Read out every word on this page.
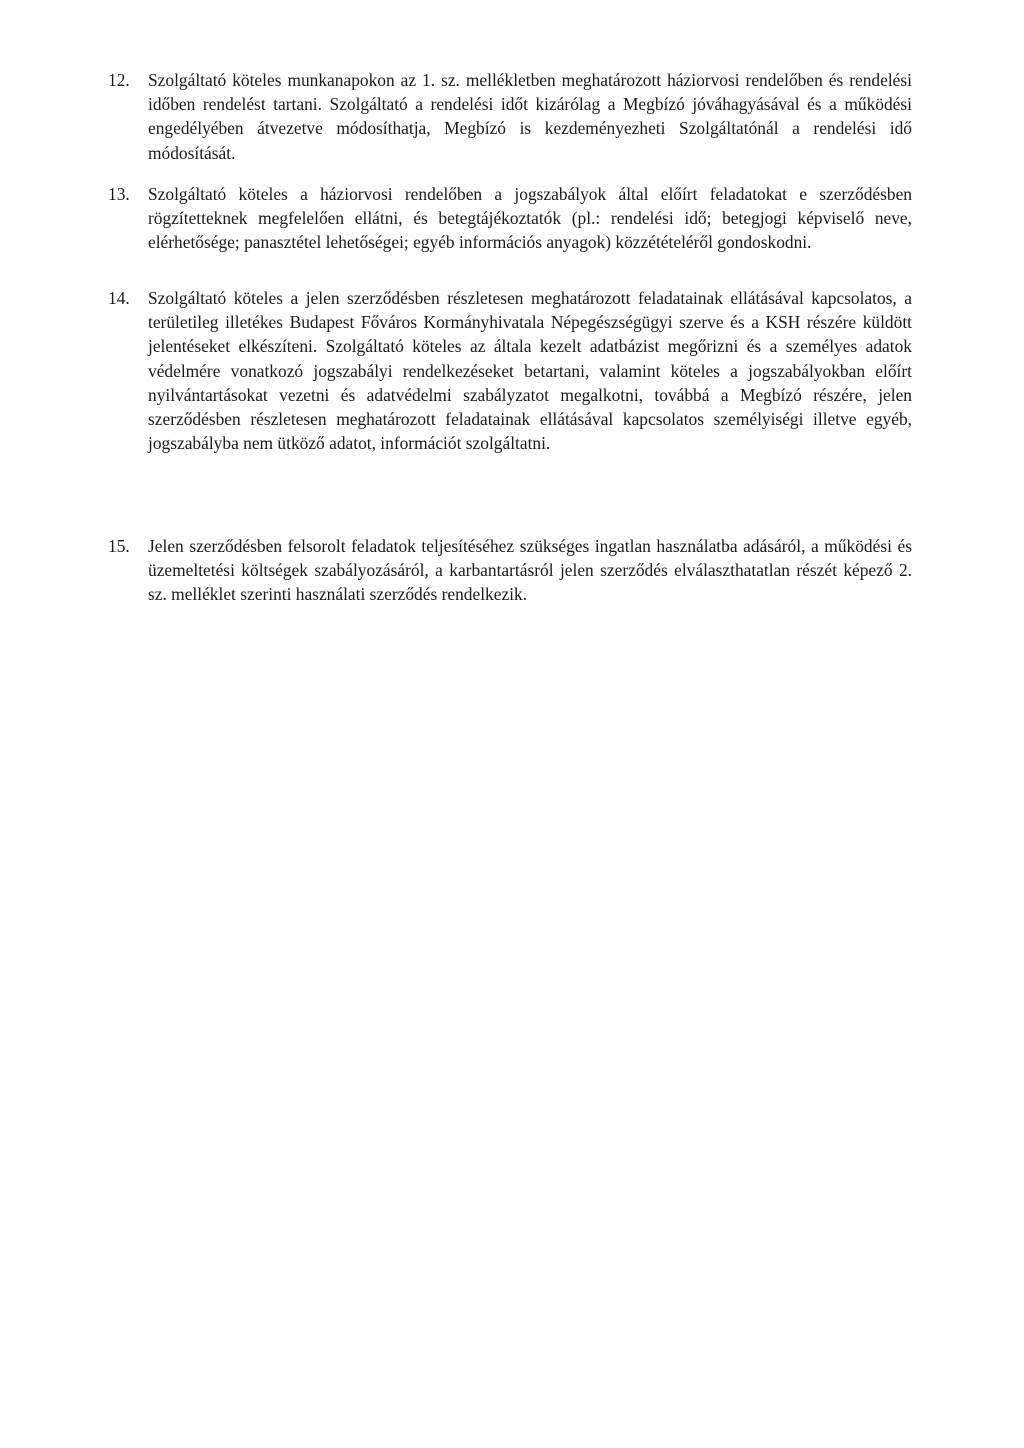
12.	Szolgáltató köteles munkanapokon az 1. sz. mellékletben meghatározott háziorvosi rendelőben és rendelési időben rendelést tartani. Szolgáltató a rendelési időt kizárólag a Megbízó jóváhagyásával és a működési engedélyében átvezetve módosíthatja, Megbízó is kezdeményezheti Szolgáltatónál a rendelési idő módosítását.
13.	Szolgáltató köteles a háziorvosi rendelőben a jogszabályok által előírt feladatokat e szerződésben rögzítetteknek megfelelően ellátni, és betegtájékoztatók (pl.: rendelési idő; betegjogi képviselő neve, elérhetősége; panasztétel lehetőségei; egyéb információs anyagok) közzétételéről gondoskodni.
14.	Szolgáltató köteles a jelen szerződésben részletesen meghatározott feladatainak ellátásával kapcsolatos, a területileg illetékes Budapest Főváros Kormányhivatala Népegészségügyi szerve és a KSH részére küldött jelentéseket elkészíteni. Szolgáltató köteles az általa kezelt adatbázist megőrizni és a személyes adatok védelmére vonatkozó jogszabályi rendelkezéseket betartani, valamint köteles a jogszabályokban előírt nyilvántartásokat vezetni és adatvédelmi szabályzatot megalkotni, továbbá a Megbízó részére, jelen szerződésben részletesen meghatározott feladatainak ellátásával kapcsolatos személyiségi illetve egyéb, jogszabályba nem ütköző adatot, információt szolgáltatni.
15.	Jelen szerződésben felsorolt feladatok teljesítéséhez szükséges ingatlan használatba adásáról, a működési és üzemeltetési költségek szabályozásáról, a karbantartásról jelen szerződés elválaszthatatlan részét képező 2. sz. melléklet szerinti használati szerződés rendelkezik.
